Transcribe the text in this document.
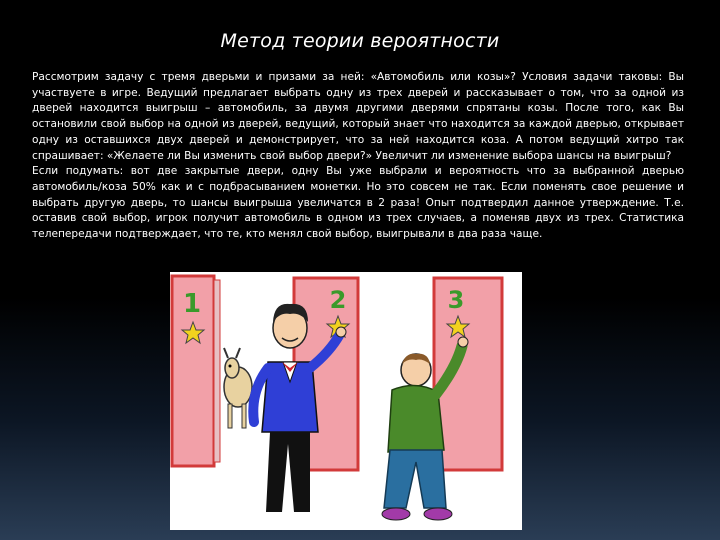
Метод теории вероятности

Рассмотрим задачу с тремя дверьми и призами за ней: «Автомобиль или козы»? Условия задачи таковы: Вы участвуете в игре. Ведущий предлагает выбрать одну из трех дверей и рассказывает о том, что за одной из дверей находится выигрыш – автомобиль, за двумя другими дверями спрятаны козы. После того, как Вы остановили свой выбор на одной из дверей, ведущий, который знает что находится за каждой дверью, открывает одну из оставшихся двух дверей и демонстрирует, что за ней находится коза. А потом ведущий хитро так спрашивает: «Желаете ли Вы изменить свой выбор двери?» Увеличит ли изменение выбора шансы на выигрыш?

Если подумать: вот две закрытые двери, одну Вы уже выбрали и вероятность что за выбранной дверью автомобиль/коза 50% как и с подбрасыванием монетки. Но это совсем не так. Если поменять свое решение и выбрать другую дверь, то шансы выигрыша увеличатся в 2 раза! Опыт подтвердил данное утверждение. Т.е. оставив свой выбор, игрок получит автомобиль в одном из трех случаев, а поменяв двух из трех. Статистика телепередачи подтверждает, что те, кто менял свой выбор, выигрывали в два раза чаще.

1	2	3
